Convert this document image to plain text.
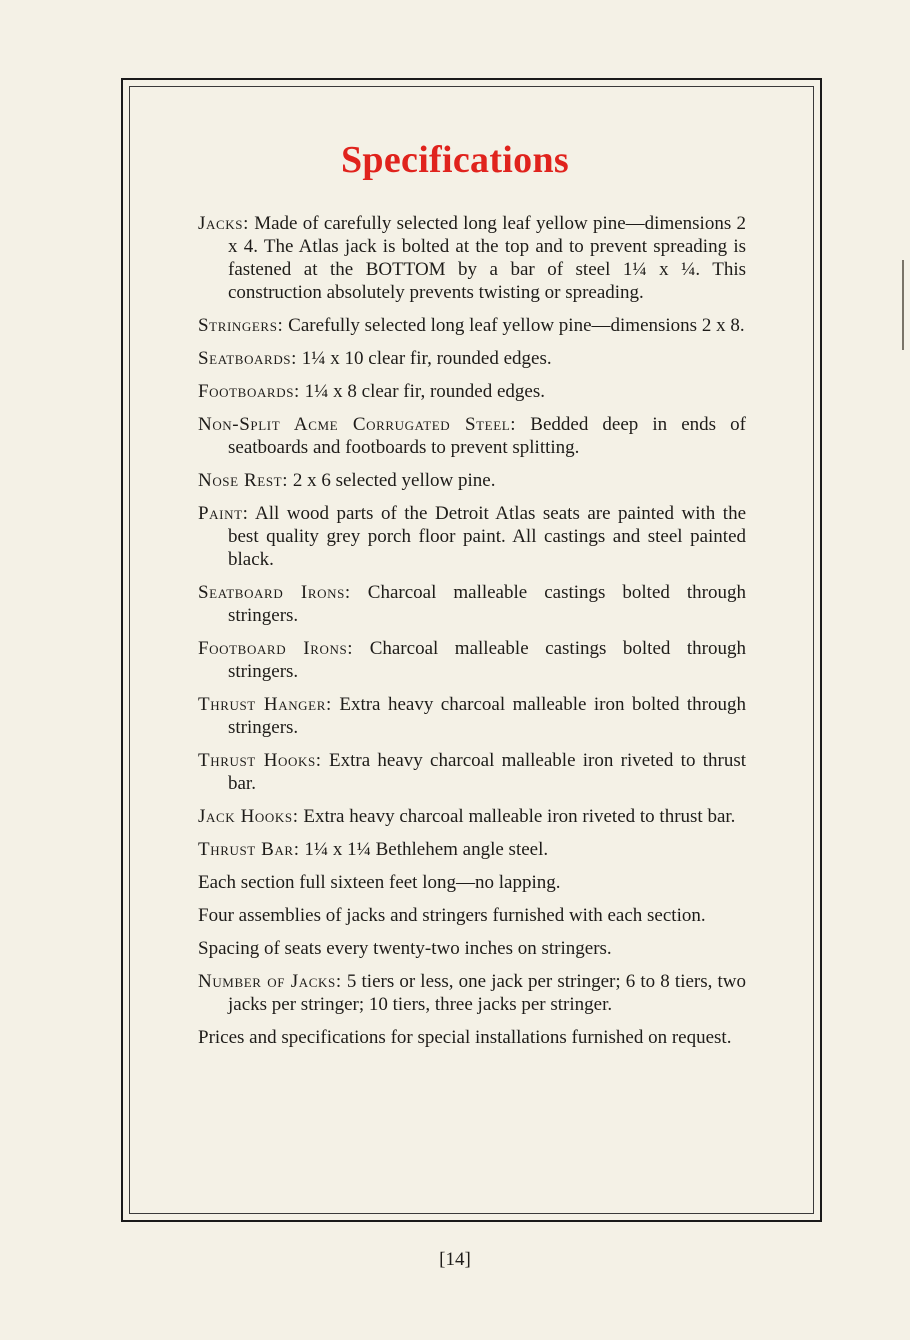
Specifications

Jacks: Made of carefully selected long leaf yellow pine—dimensions 2 x 4. The Atlas jack is bolted at the top and to prevent spreading is fastened at the BOTTOM by a bar of steel 1¼ x ¼. This construction absolutely prevents twisting or spreading.

Stringers: Carefully selected long leaf yellow pine—dimensions 2 x 8.

Seatboards: 1¼ x 10 clear fir, rounded edges.

Footboards: 1¼ x 8 clear fir, rounded edges.

Non-Split Acme Corrugated Steel: Bedded deep in ends of seatboards and footboards to prevent splitting.

Nose Rest: 2 x 6 selected yellow pine.

Paint: All wood parts of the Detroit Atlas seats are painted with the best quality grey porch floor paint. All castings and steel painted black.

Seatboard Irons: Charcoal malleable castings bolted through stringers.

Footboard Irons: Charcoal malleable castings bolted through stringers.

Thrust Hanger: Extra heavy charcoal malleable iron bolted through stringers.

Thrust Hooks: Extra heavy charcoal malleable iron riveted to thrust bar.

Jack Hooks: Extra heavy charcoal malleable iron riveted to thrust bar.

Thrust Bar: 1¼ x 1¼ Bethlehem angle steel.

Each section full sixteen feet long—no lapping.

Four assemblies of jacks and stringers furnished with each section.

Spacing of seats every twenty-two inches on stringers.

Number of Jacks: 5 tiers or less, one jack per stringer; 6 to 8 tiers, two jacks per stringer; 10 tiers, three jacks per stringer.

Prices and specifications for special installations furnished on request.

[14]
